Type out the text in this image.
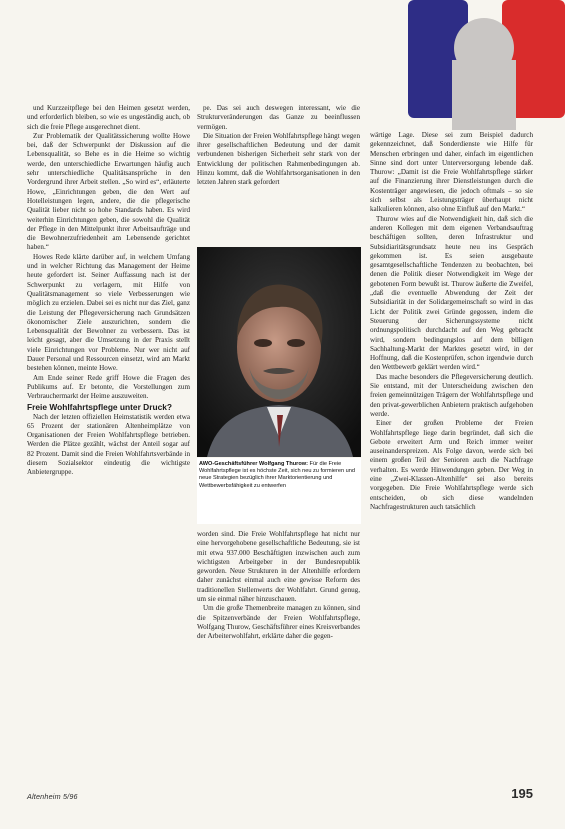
und Kurzzeitpflege bei den Heimen gesetzt werden, und erforderlich bleiben, so wie es ungeständig auch, ob sich die freie Pflege ausgerechnet dient.

Zur Problematik der Qualitätssicherung wollte Howe bei, daß der Schwerpunkt der Diskussion auf die Lebensqualität, so Behe es in die Heime so wichtig werde, den unterschiedliche Erwartungen häufig auch sehr unterschiedliche Qualitätsansprüche in den Vordergrund ihrer Arbeit stellen. „So wird es“, erläuterte Howe, „Einrichtungen geben, die den Wert auf Hotelleistungen legen, andere, die die pflegerische Qualität lieber nicht so hohe Standards haben. Es wird weiterhin Einrichtungen geben, die sowohl die Qualität der Pflege in den Mittelpunkt ihrer Arbeitsaufträge und die Bewohnerzufriedenheit am Lebensende gerichtet haben.“

Howes Rede klärte darüber auf, in welchem Umfang und in welcher Richtung das Management der Heime heute gefordert ist. Seiner Auffassung nach ist der Schwerpunkt zu verlagern, mit Hilfe von Qualitätsmanagement so viele Verbesserungen wie möglich zu erzielen. Dabei sei es nicht nur das Ziel, ganz die Leistung der Pflegeversicherung nach Grundsätzen ökonomischer Ziele auszurichten, sondern die Lebensqualität der Bewohner zu verbessern. Das ist leicht gesagt, aber die Umsetzung in der Praxis stellt viele Einrichtungen vor Probleme. Nur wer nicht auf Dauer Personal und Ressourcen einsetzt, wird am Markt bestehen können, meinte Howe.

Am Ende seiner Rede griff Howe die Fragen des Publikums auf. Er betonte, die Vorstellungen zum Verbrauchermarkt der Heime auszuweiten.

Freie Wohlfahrtspflege unter Druck?

Nach der letzten offiziellen Heimstatistik werden etwa 65 Prozent der stationären Altenheimplätze von Organisationen der Freien Wohlfahrtspflege betrieben. Werden die Plätze gezählt, wächst der Anteil sogar auf 82 Prozent. Damit sind die Freien Wohlfahrtsverbände in diesem Sozialsektor eindeutig die wichtigste Anbietergruppe.

pe. Das sei auch deswegen interessant, wie die Strukturveränderungen das Ganze zu beeinflussen vermögen.

Die Situation der Freien Wohlfahrtspflege hängt wegen ihrer gesellschaftlichen Bedeutung und der damit verbundenen bisherigen Sicherheit sehr stark von der Entwicklung der politischen Rahmenbedingungen ab. Hinzu kommt, daß die Wohlfahrtsorganisationen in den letzten Jahren stark gefordert

AWO-Geschäftsführer Wolfgang Thurow: Für die Freie Wohlfahrtspflege ist es höchste Zeit, sich neu zu formieren und neue Strategien bezüglich ihrer Marktorientierung und Wettbewerbsfähigkeit zu entwerfen

worden sind. Die Freie Wohlfahrtspflege hat nicht nur eine hervorgehobene gesellschaftliche Bedeutung, sie ist mit etwa 937.000 Beschäftigten inzwischen auch zum wichtigsten Arbeitgeber in der Bundesrepublik geworden. Neue Strukturen in der Altenhilfe erfordern daher zunächst einmal auch eine gewisse Reform des traditionellen Stellenwerts der Wohlfahrt. Grund genug, um sie einmal näher hinzuschauen.

Um die große Themenbreite managen zu können, sind die Spitzenverbände der Freien Wohlfahrtspflege, Wolfgang Thurow, Geschäftsführer eines Kreisverbandes der Arbeiterwohlfahrt, erklärte daher die gegen-

wärtige Lage. Diese sei zum Beispiel dadurch gekennzeichnet, daß Sonderdienste wie Hilfe für Menschen erbringen und daher, einfach im eigentlichen Sinne sind dort unter Unterversorgung lebende daß. Thurow: „Damit ist die Freie Wohlfahrtspflege stärker auf die Finanzierung ihrer Dienstleistungen durch die Kostenträger angewiesen, die jedoch oftmals – so sie sich selbst als Leistungsträger überhaupt nicht kalkulieren können, also ohne Einfluß auf den Markt.“

Thurow wies auf die Notwendigkeit hin, daß sich die anderen Kollegen mit dem eigenen Verbandsauftrag beschäftigen sollten, deren Infrastruktur und Subsidiaritätsgrundsatz heute neu ins Gespräch gekommen ist. Es seien ausgebaute gesamtgesellschaftliche Tendenzen zu beobachten, bei denen die Politik dieser Notwendigkeit im Wege der gebotenen Form bewußt ist. Thurow äußerte die Zweifel, „daß die eventuelle Abwendung der Zeit der Subsidiarität in der Solidargemeinschaft so wird in das Licht der Politik zwei Gründe gegossen, indem die Steuerung der Sicherungssysteme nicht ordnungspolitisch durchdacht auf den Weg gebracht wird, sondern bedingungslos auf dem billigen Sachhaltung-Markt der Marktes gesetzt wird, in der Hoffnung, daß die Kostenprüfen, schon irgendwie durch den Wettbewerb geklärt werden wird.“

Das mache besonders die Pflegeversicherung deutlich. Sie entstand, mit der Unterscheidung zwischen den freien gemeinnützigen Trägern der Wohlfahrtspflege und den privat-gewerblichen Anbietern praktisch aufgehoben werde.

Einer der großen Probleme der Freien Wohlfahrtspflege liege darin begründet, daß sich die Gebote erweitert Arm und Reich immer weiter auseinanderspreizen. Als Folge davon, werde sich bei einem großen Teil der Senioren auch die Nachfrage verhalten. Es werde Hinwendungen geben. Der Weg in eine „Zwei-Klassen-Altenhilfe“ sei also bereits vorgegeben. Die Freie Wohlfahrtspflege werde sich entscheiden, ob sich diese wandelnden Nachfragestrukturen auch tatsächlich

Altenheim 5/96	195
